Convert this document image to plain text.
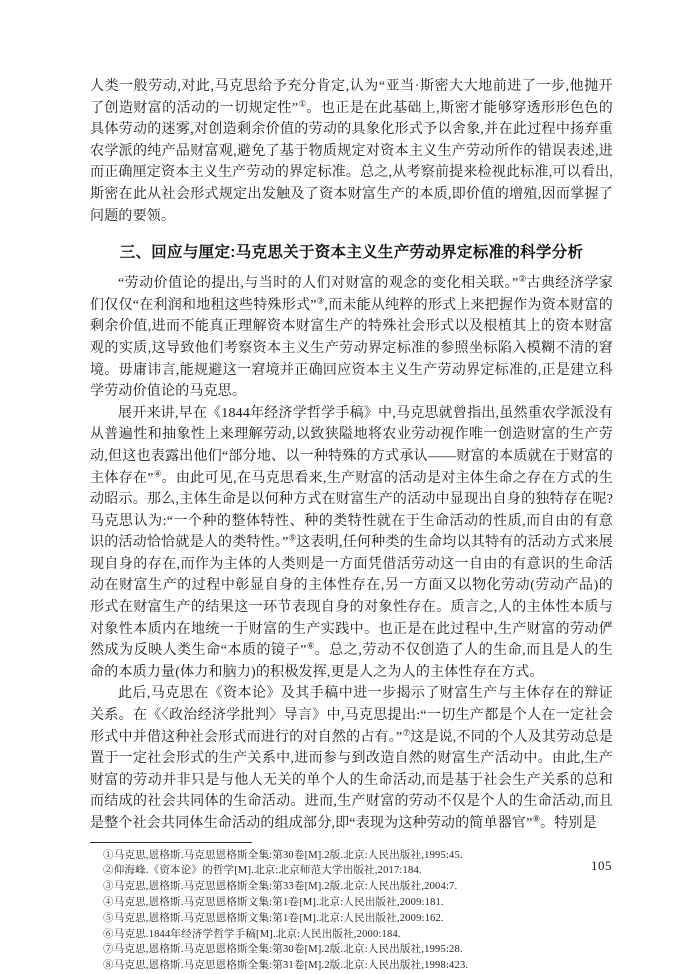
人类一般劳动,对此,马克思给予充分肯定,认为“亚当·斯密大大地前进了一步,他抛开了创造财富的活动的一切规定性”①。也正是在此基础上,斯密才能够穿透形形色色的具体劳动的迷雾,对创造剩余价值的劳动的具象化形式予以舍象,并在此过程中扬弃重农学派的纯产品财富观,避免了基于物质规定对资本主义生产劳动所作的错误表述,进而正确厘定资本主义生产劳动的界定标准。总之,从考察前提来检视此标准,可以看出,斯密在此从社会形式规定出发触及了资本财富生产的本质,即价值的增殖,因而掌握了问题的要领。

三、回应与厘定:马克思关于资本主义生产劳动界定标准的科学分析

“劳动价值论的提出,与当时的人们对财富的观念的变化相关联。”②古典经济学家们仅仅“在利润和地租这些特殊形式”③,而未能从纯粹的形式上来把握作为资本财富的剩余价值,进而不能真正理解资本财富生产的特殊社会形式以及根植其上的资本财富观的实质,这导致他们考察资本主义生产劳动界定标准的参照坐标陷入模糊不清的窘境。毋庸讳言,能规避这一窘境并正确回应资本主义生产劳动界定标准的,正是建立科学劳动价值论的马克思。

展开来讲,早在《1844年经济学哲学手稿》中,马克思就曾指出,虽然重农学派没有从普遍性和抽象性上来理解劳动,以致狭隘地将农业劳动视作唯一创造财富的生产劳动,但这也表露出他们“部分地、以一种特殊的方式承认——财富的本质就在于财富的主体存在”④。由此可见,在马克思看来,生产财富的活动是对主体生命之存在方式的生动昭示。那么,主体生命是以何种方式在财富生产的活动中显现出自身的独特存在呢? 马克思认为:“一个种的整体特性、种的类特性就在于生命活动的性质,而自由的有意识的活动恰恰就是人的类特性。”⑤这表明,任何种类的生命均以其特有的活动方式来展现自身的存在,而作为主体的人类则是一方面凭借活劳动这一自由的有意识的生命活动在财富生产的过程中彰显自身的主体性存在,另一方面又以物化劳动(劳动产品)的形式在财富生产的结果这一环节表现自身的对象性存在。质言之,人的主体性本质与对象性本质内在地统一于财富的生产实践中。也正是在此过程中,生产财富的劳动俨然成为反映人类生命“本质的镜子”⑥。总之,劳动不仅创造了人的生命,而且是人的生命的本质力量(体力和脑力)的积极发挥,更是人之为人的主体性存在方式。

此后,马克思在《资本论》及其手稿中进一步揭示了财富生产与主体存在的辩证关系。在《〈政治经济学批判〉导言》中,马克思提出:“一切生产都是个人在一定社会形式中并借这种社会形式而进行的对自然的占有。”⑦这是说,不同的个人及其劳动总是置于一定社会形式的生产关系中,进而参与到改造自然的财富生产活动中。由此,生产财富的劳动并非只是与他人无关的单个人的生命活动,而是基于社会生产关系的总和而结成的社会共同体的生命活动。进而,生产财富的劳动不仅是个人的生命活动,而且是整个社会共同体生命活动的组成部分,即“表现为这种劳动的简单器官”⑧。特别是

①马克思,恩格斯.马克思恩格斯全集:第30卷[M].2版.北京:人民出版社,1995:45.

②仰海峰.《资本论》的哲学[M].北京:北京师范大学出版社,2017:184.

③马克思,恩格斯.马克思恩格斯全集:第33卷[M].2版.北京:人民出版社,2004:7.

④马克思,恩格斯.马克思恩格斯文集:第1卷[M].北京:人民出版社,2009:181.

⑤马克思,恩格斯.马克思恩格斯文集:第1卷[M].北京:人民出版社,2009:162.

⑥马克思.1844年经济学哲学手稿[M].北京:人民出版社,2000:184.

⑦马克思,恩格斯.马克思恩格斯全集:第30卷[M].2版.北京:人民出版社,1995:28.

⑧马克思,恩格斯.马克思恩格斯全集:第31卷[M].2版.北京:人民出版社,1998:423.

105
